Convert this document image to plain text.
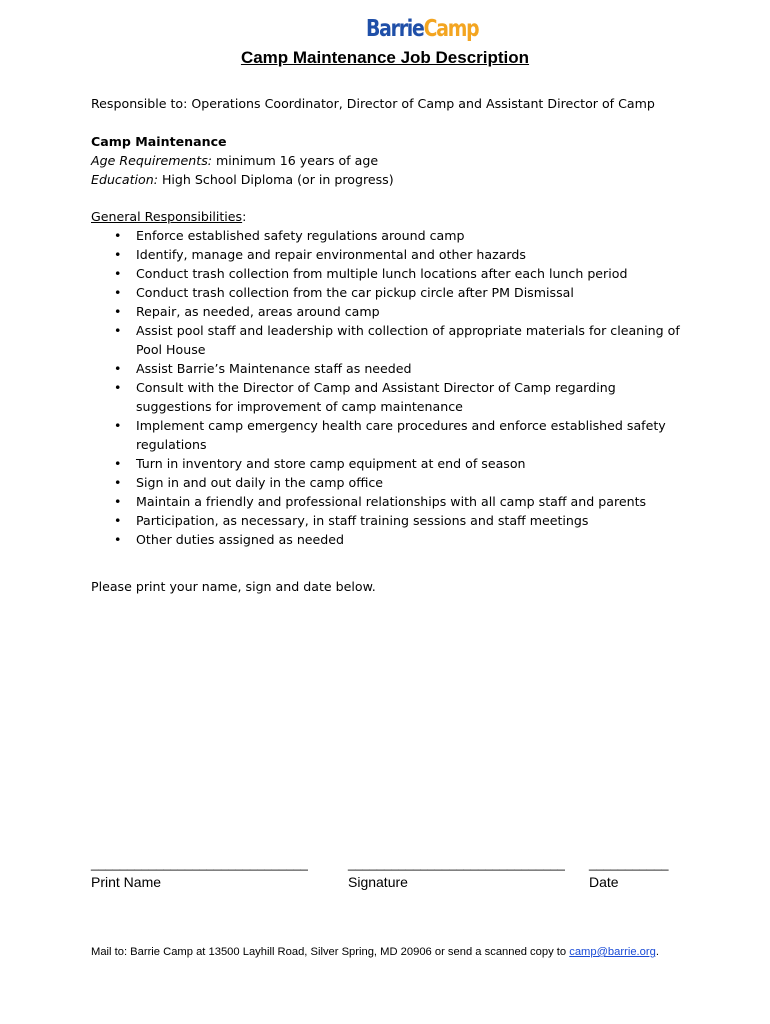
BarrieCamp
Camp Maintenance Job Description
Responsible to: Operations Coordinator, Director of Camp and Assistant Director of Camp
Camp Maintenance
Age Requirements: minimum 16 years of age
Education: High School Diploma (or in progress)
General Responsibilities:
• Enforce established safety regulations around camp
• Identify, manage and repair environmental and other hazards
• Conduct trash collection from multiple lunch locations after each lunch period
• Conduct trash collection from the car pickup circle after PM Dismissal
• Repair, as needed, areas around camp
• Assist pool staff and leadership with collection of appropriate materials for cleaning of Pool House
• Assist Barrie’s Maintenance staff as needed
• Consult with the Director of Camp and Assistant Director of Camp regarding suggestions for improvement of camp maintenance
• Implement camp emergency health care procedures and enforce established safety regulations
• Turn in inventory and store camp equipment at end of season
• Sign in and out daily in the camp office
• Maintain a friendly and professional relationships with all camp staff and parents
• Participation, as necessary, in staff training sessions and staff meetings
• Other duties assigned as needed
Please print your name, sign and date below.
______________________________	______________________________ ___________
Print Name	Signature	Date
Mail to: Barrie Camp at 13500 Layhill Road, Silver Spring, MD 20906 or send a scanned copy to camp@barrie.org.
